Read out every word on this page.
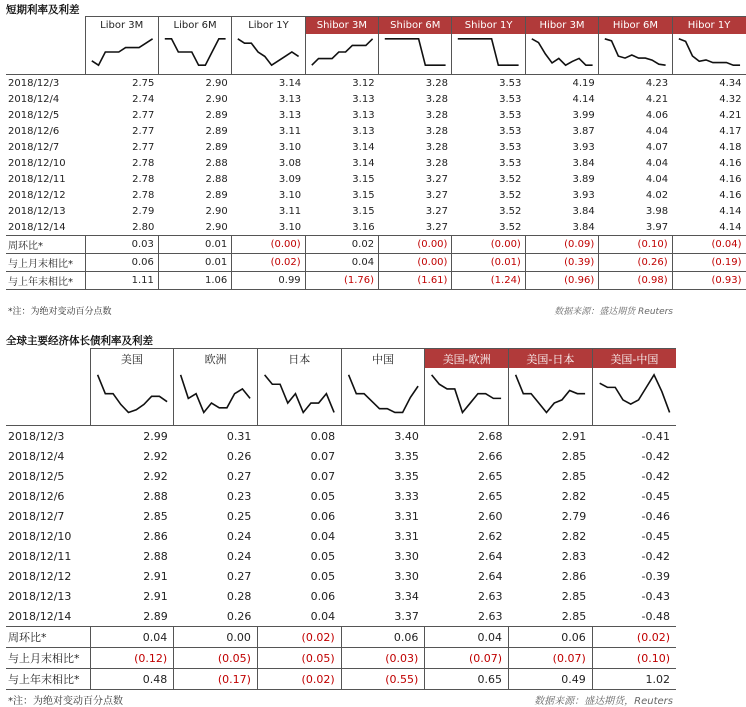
短期利率及利差
	Libor 3M	Libor 6M	Libor 1Y	Shibor 3M	Shibor 6M	Shibor 1Y	Hibor 3M	Hibor 6M	Hibor 1Y

2018/12/3	2.75	2.90	3.14	3.12	3.28	3.53	4.19	4.23	4.34
2018/12/4	2.74	2.90	3.13	3.13	3.28	3.53	4.14	4.21	4.32
2018/12/5	2.77	2.89	3.13	3.13	3.28	3.53	3.99	4.06	4.21
2018/12/6	2.77	2.89	3.11	3.13	3.28	3.53	3.87	4.04	4.17
2018/12/7	2.77	2.89	3.10	3.14	3.28	3.53	3.93	4.07	4.18
2018/12/10	2.78	2.88	3.08	3.14	3.28	3.53	3.84	4.04	4.16
2018/12/11	2.78	2.88	3.09	3.15	3.27	3.52	3.89	4.04	4.16
2018/12/12	2.78	2.89	3.10	3.15	3.27	3.52	3.93	4.02	4.16
2018/12/13	2.79	2.90	3.11	3.15	3.27	3.52	3.84	3.98	4.14
2018/12/14	2.80	2.90	3.10	3.16	3.27	3.52	3.84	3.97	4.14
周环比*	0.03	0.01	(0.00)	0.02	(0.00)	(0.00)	(0.09)	(0.10)	(0.04)
与上月末相比*	0.06	0.01	(0.02)	0.04	(0.00)	(0.01)	(0.39)	(0.26)	(0.19)
与上年末相比*	1.11	1.06	0.99	(1.76)	(1.61)	(1.24)	(0.96)	(0.98)	(0.93)
*注：为绝对变动百分点数	数据来源：盛达期货 Reuters
全球主要经济体长债利率及利差
	美国	欧洲	日本	中国	美国-欧洲	美国-日本	美国-中国

2018/12/3	2.99	0.31	0.08	3.40	2.68	2.91	-0.41
2018/12/4	2.92	0.26	0.07	3.35	2.66	2.85	-0.42
2018/12/5	2.92	0.27	0.07	3.35	2.65	2.85	-0.42
2018/12/6	2.88	0.23	0.05	3.33	2.65	2.82	-0.45
2018/12/7	2.85	0.25	0.06	3.31	2.60	2.79	-0.46
2018/12/10	2.86	0.24	0.04	3.31	2.62	2.82	-0.45
2018/12/11	2.88	0.24	0.05	3.30	2.64	2.83	-0.42
2018/12/12	2.91	0.27	0.05	3.30	2.64	2.86	-0.39
2018/12/13	2.91	0.28	0.06	3.34	2.63	2.85	-0.43
2018/12/14	2.89	0.26	0.04	3.37	2.63	2.85	-0.48
周环比*	0.04	0.00	(0.02)	0.06	0.04	0.06	(0.02)
与上月末相比*	(0.12)	(0.05)	(0.05)	(0.03)	(0.07)	(0.07)	(0.10)
与上年末相比*	0.48	(0.17)	(0.02)	(0.55)	0.65	0.49	1.02
*注：为绝对变动百分点数	数据来源：盛达期货，Reuters
